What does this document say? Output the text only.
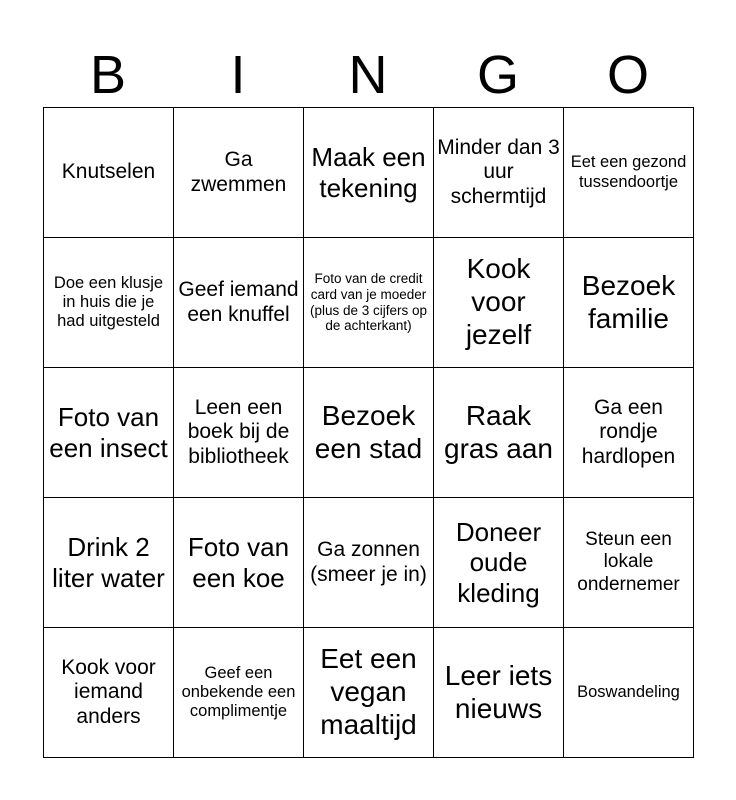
B	I	N	G	O
Knutselen	Ga zwemmen	Maak een tekening	Minder dan 3 uur schermtijd	Eet een gezond tussendoortje
Doe een klusje in huis die je had uitgesteld	Geef iemand een knuffel	Foto van de credit card van je moeder (plus de 3 cijfers op de achterkant)	Kook voor jezelf	Bezoek familie
Foto van een insect	Leen een boek bij de bibliotheek	Bezoek een stad	Raak gras aan	Ga een rondje hardlopen
Drink 2 liter water	Foto van een koe	Ga zonnen (smeer je in)	Doneer oude kleding	Steun een lokale ondernemer
Kook voor iemand anders	Geef een onbekende een complimentje	Eet een vegan maaltijd	Leer iets nieuws	Boswandeling
